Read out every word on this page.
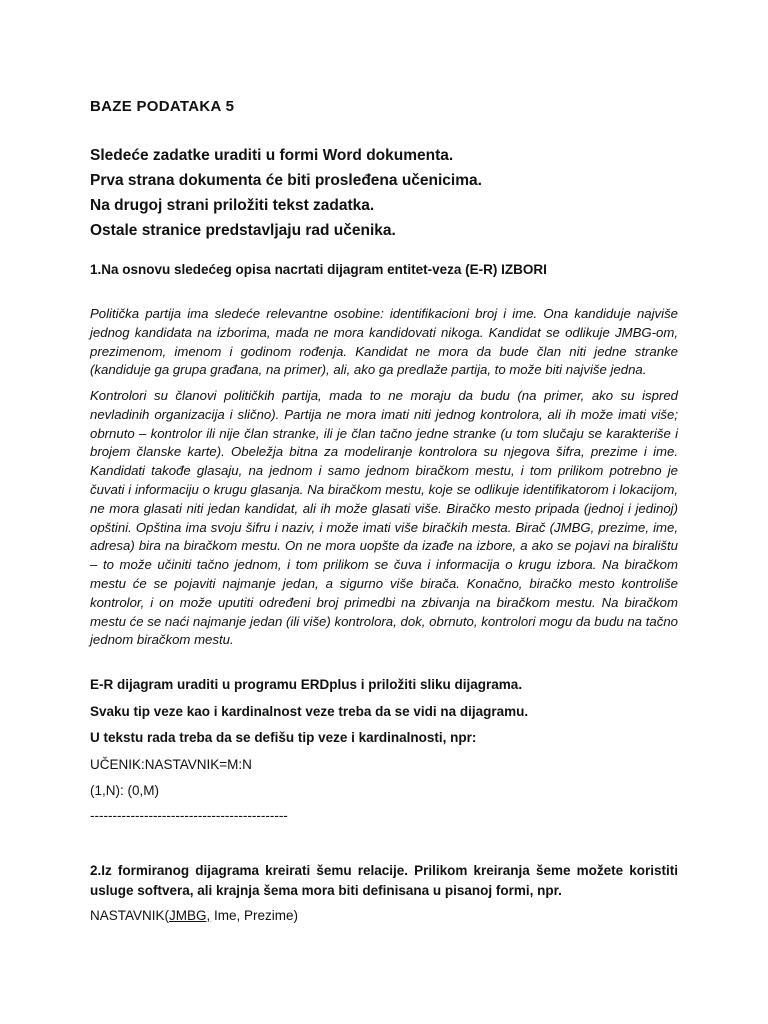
BAZE PODATAKA 5
Sledeće zadatke uraditi u formi Word dokumenta.
Prva strana dokumenta će biti prosleđena učenicima.
Na drugoj strani priložiti tekst zadatka.
Ostale stranice predstavljaju rad učenika.
1.Na osnovu sledećeg opisa nacrtati dijagram entitet-veza (E-R) IZBORI
Politička partija ima sledeće relevantne osobine: identifikacioni broj i ime. Ona kandiduje najviše jednog kandidata na izborima, mada ne mora kandidovati nikoga. Kandidat se odlikuje JMBG-om, prezimenom, imenom i godinom rođenja. Kandidat ne mora da bude član niti jedne stranke (kandiduje ga grupa građana, na primer), ali, ako ga predlaže partija, to može biti najviše jedna.
Kontrolori su članovi političkih partija, mada to ne moraju da budu (na primer, ako su ispred nevladinih organizacija i slično). Partija ne mora imati niti jednog kontrolora, ali ih može imati više; obrnuto – kontrolor ili nije član stranke, ili je član tačno jedne stranke (u tom slučaju se karakteriše i brojem članske karte). Obeležja bitna za modeliranje kontrolora su njegova šifra, prezime i ime. Kandidati takođe glasaju, na jednom i samo jednom biračkom mestu, i tom prilikom potrebno je čuvati i informaciju o krugu glasanja. Na biračkom mestu, koje se odlikuje identifikatorom i lokacijom, ne mora glasati niti jedan kandidat, ali ih može glasati više. Biračko mesto pripada (jednoj i jedinoj) opštini. Opština ima svoju šifru i naziv, i može imati više biračkih mesta. Birač (JMBG, prezime, ime, adresa) bira na biračkom mestu. On ne mora uopšte da izađe na izbore, a ako se pojavi na biralištu – to može učiniti tačno jednom, i tom prilikom se čuva i informacija o krugu izbora. Na biračkom mestu će se pojaviti najmanje jedan, a sigurno više birača. Konačno, biračko mesto kontroliše kontrolor, i on može uputiti određeni broj primedbi na zbivanja na biračkom mestu. Na biračkom mestu će se naći najmanje jedan (ili više) kontrolora, dok, obrnuto, kontrolori mogu da budu na tačno jednom biračkom mestu.
E-R dijagram uraditi u programu ERDplus i priložiti sliku dijagrama.
Svaku tip veze kao i kardinalnost veze treba da se vidi na dijagramu.
U tekstu rada treba da se defišu tip veze i kardinalnosti, npr:
UČENIK:NASTAVNIK=M:N
(1,N): (0,M)
--------------------------------------------
2.Iz formiranog dijagrama kreirati šemu relacije. Prilikom kreiranja šeme možete koristiti usluge softvera, ali krajnja šema mora biti definisana u pisanoj formi, npr.
NASTAVNIK(JMBG, Ime, Prezime)
